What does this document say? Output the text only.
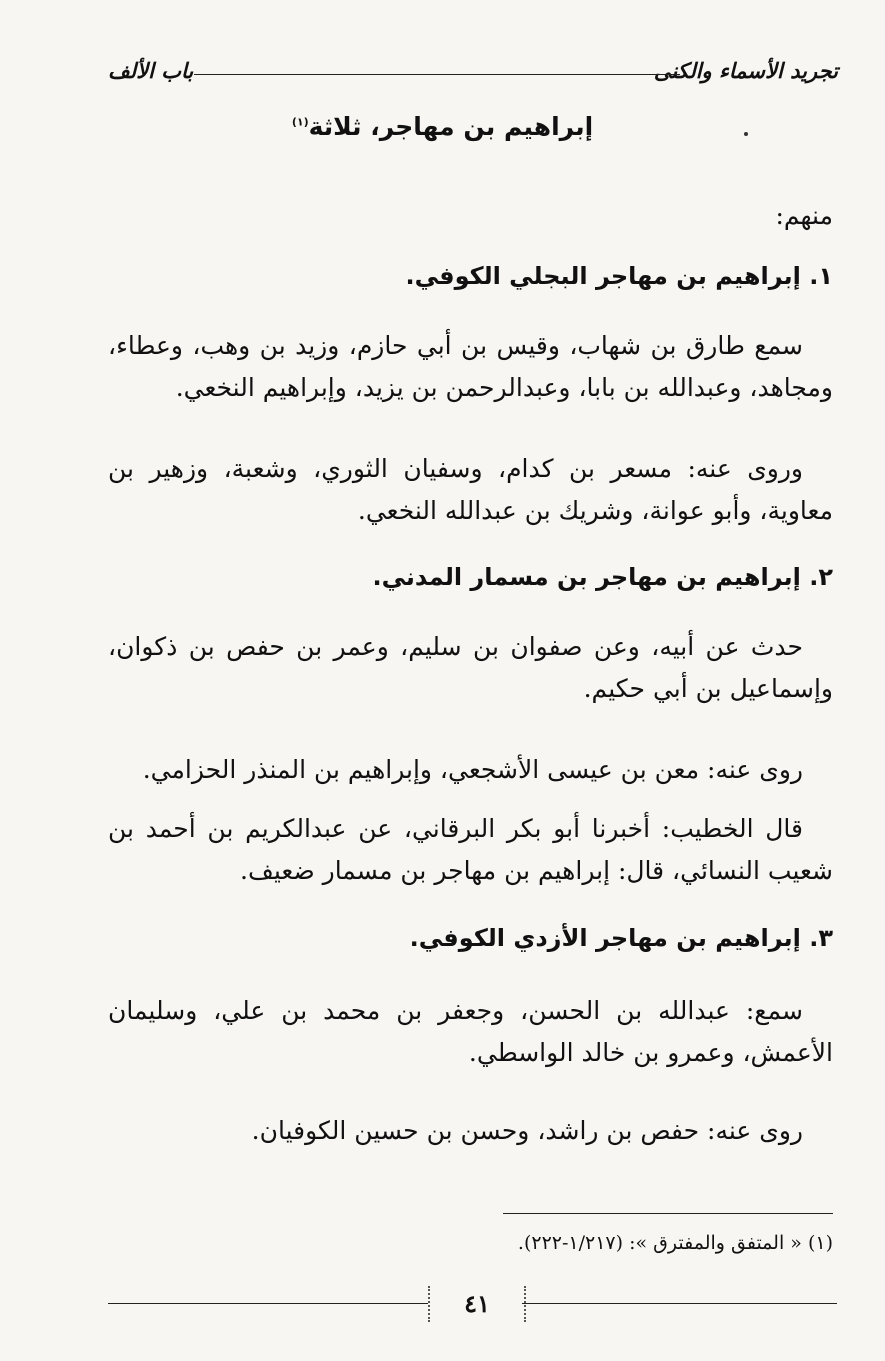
تجريد الأسماء والكنى
باب الألف
إبراهيم بن مهاجر، ثلاثة$^{(١)}$
منهم:
١. إبراهيم بن مهاجر البجلي الكوفي.
سمع طارق بن شهاب، وقيس بن أبي حازم، وزيد بن وهب، وعطاء، ومجاهد، وعبدالله بن بابا، وعبدالرحمن بن يزيد، وإبراهيم النخعي.
وروى عنه: مسعر بن كدام، وسفيان الثوري، وشعبة، وزهير بن معاوية، وأبو عوانة، وشريك بن عبدالله النخعي.
٢. إبراهيم بن مهاجر بن مسمار المدني.
حدث عن أبيه، وعن صفوان بن سليم، وعمر بن حفص بن ذكوان، وإسماعيل بن أبي حكيم.
روى عنه: معن بن عيسى الأشجعي، وإبراهيم بن المنذر الحزامي.
قال الخطيب: أخبرنا أبو بكر البرقاني، عن عبدالكريم بن أحمد بن شعيب النسائي، قال: إبراهيم بن مهاجر بن مسمار ضعيف.
٣. إبراهيم بن مهاجر الأزدي الكوفي.
سمع: عبدالله بن الحسن، وجعفر بن محمد بن علي، وسليمان الأعمش، وعمرو بن خالد الواسطي.
روى عنه: حفص بن راشد، وحسن بن حسين الكوفيان.
(١) « المتفق والمفترق »: (١/٢١٧-٢٢٢).
٤١
